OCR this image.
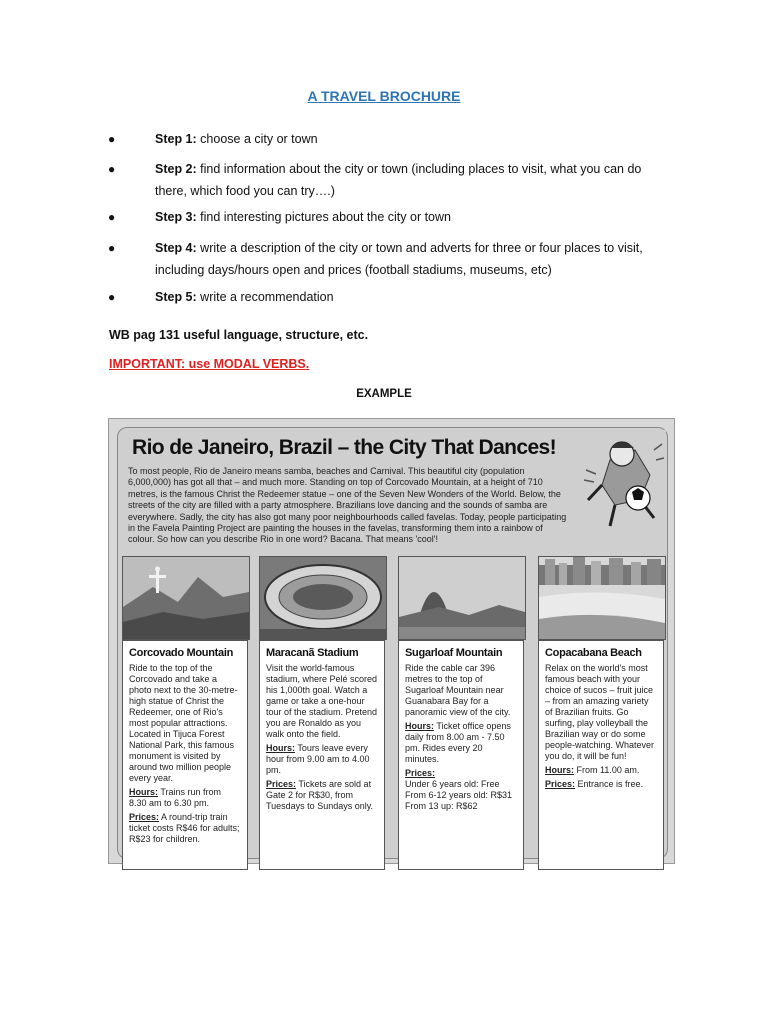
A TRAVEL BROCHURE
●	Step 1: choose a city or town
●	Step 2: find information about the city or town (including places to visit, what you can do there, which food you can try….)
●	Step 3: find interesting pictures about the city or town
●	Step 4: write a description of the city or town and adverts for three or four places to visit, including days/hours open and prices (football stadiums, museums, etc)
●	Step 5: write a recommendation
WB pag 131 useful language, structure, etc.
IMPORTANT: use MODAL VERBS.
EXAMPLE
Rio de Janeiro, Brazil – the City That Dances!
To most people, Rio de Janeiro means samba, beaches and Carnival. This beautiful city (population 6,000,000) has got all that – and much more. Standing on top of Corcovado Mountain, at a height of 710 metres, is the famous Christ the Redeemer statue – one of the Seven New Wonders of the World. Below, the streets of the city are filled with a party atmosphere. Brazilians love dancing and the sounds of samba are everywhere. Sadly, the city has also got many poor neighbourhoods called favelas. Today, people participating in the Favela Painting Project are painting the houses in the favelas, transforming them into a rainbow of colour. So how can you describe Rio in one word? Bacana. That means 'cool'!
Corcovado Mountain

Ride to the top of the Corcovado and take a photo next to the 30-metre-high statue of Christ the Redeemer, one of Rio's most popular attractions. Located in Tijuca Forest National Park, this famous monument is visited by around two million people every year.

Hours: Trains run from 8.30 am to 6.30 pm.

Prices: A round-trip train ticket costs R$46 for adults; R$23 for children.

Maracanã Stadium

Visit the world-famous stadium, where Pelé scored his 1,000th goal. Watch a game or take a one-hour tour of the stadium. Pretend you are Ronaldo as you walk onto the field.

Hours: Tours leave every hour from 9.00 am to 4.00 pm.

Prices: Tickets are sold at Gate 2 for R$30, from Tuesdays to Sundays only.

Sugarloaf Mountain

Ride the cable car 396 metres to the top of Sugarloaf Mountain near Guanabara Bay for a panoramic view of the city.

Hours: Ticket office opens daily from 8.00 am - 7.50 pm. Rides every 20 minutes.

Prices:

Under 6 years old: Free
From 6-12 years old: R$31
From 13 up: R$62

Copacabana Beach

Relax on the world's most famous beach with your choice of sucos – fruit juice – from an amazing variety of Brazilian fruits. Go surfing, play volleyball the Brazilian way or do some people-watching. Whatever you do, it will be fun!

Hours: From 11.00 am.

Prices: Entrance is free.
